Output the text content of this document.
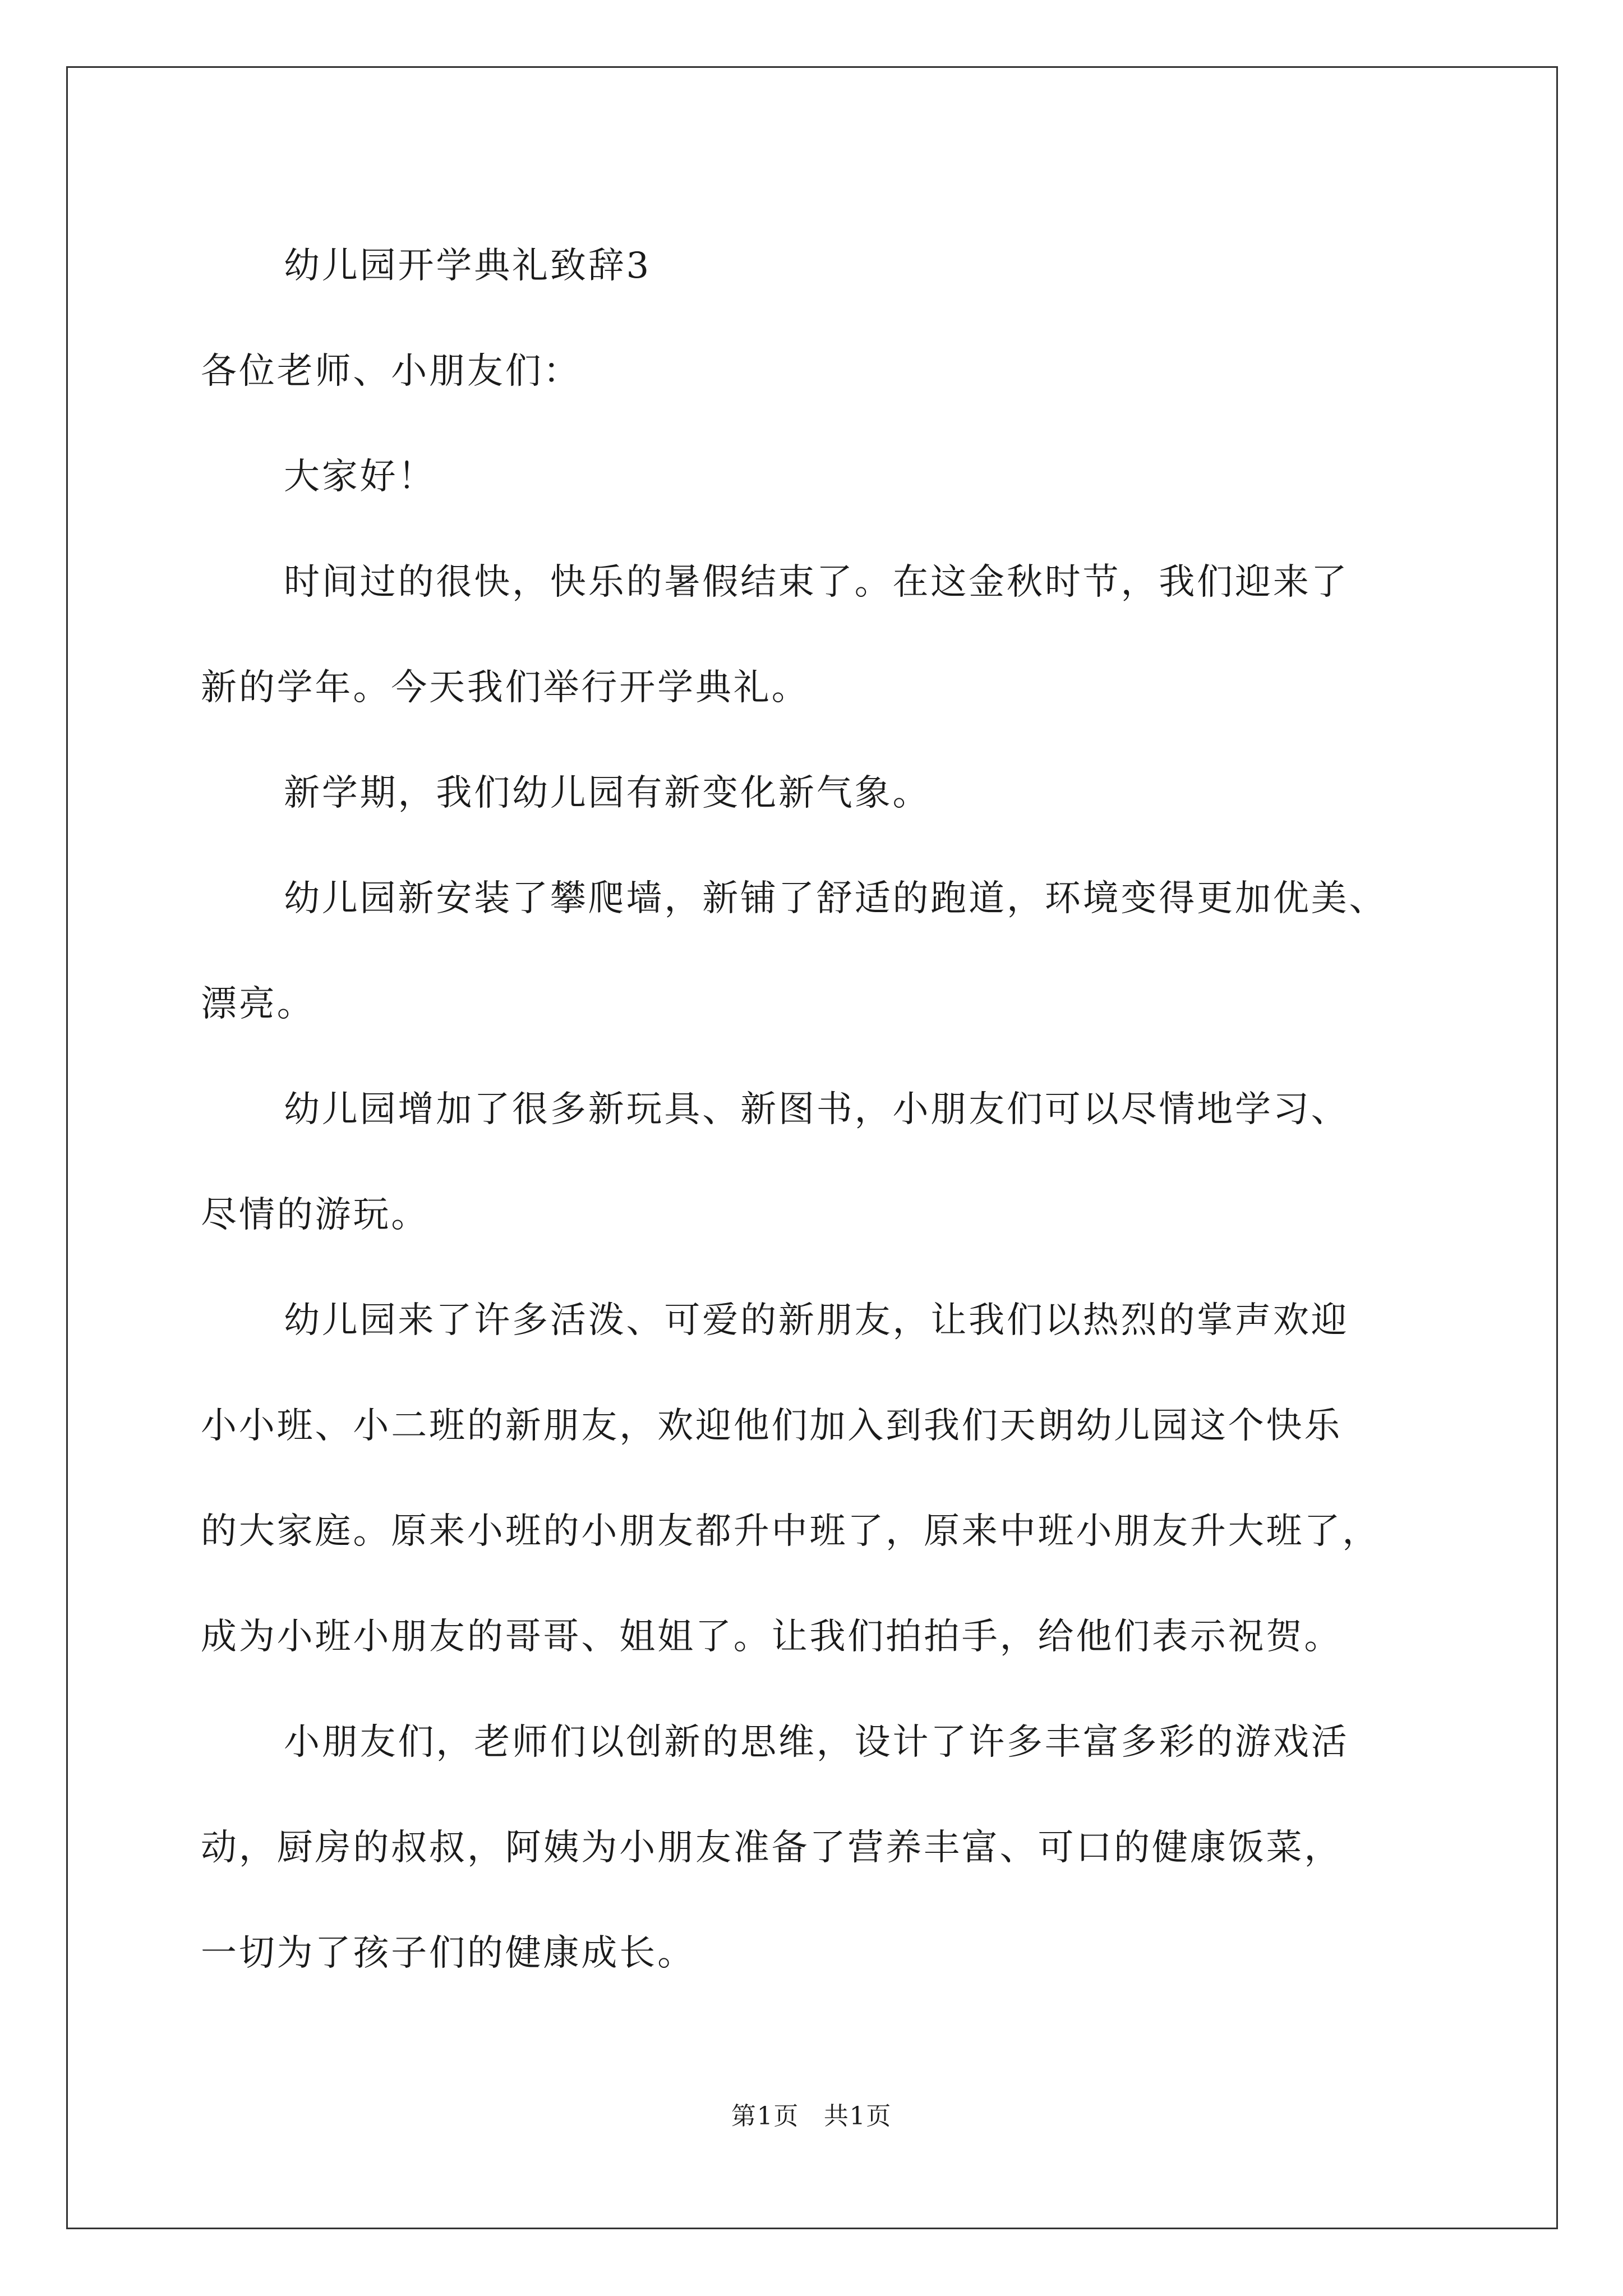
幼儿园开学典礼致辞3
各位老师、小朋友们：
大家好！
时间过的很快，快乐的暑假结束了。在这金秋时节，我们迎来了
新的学年。今天我们举行开学典礼。
新学期，我们幼儿园有新变化新气象。
幼儿园新安装了攀爬墙，新铺了舒适的跑道，环境变得更加优美、
漂亮。
幼儿园增加了很多新玩具、新图书，小朋友们可以尽情地学习、
尽情的游玩。
幼儿园来了许多活泼、可爱的新朋友，让我们以热烈的掌声欢迎
小小班、小二班的新朋友，欢迎他们加入到我们天朗幼儿园这个快乐
的大家庭。原来小班的小朋友都升中班了，原来中班小朋友升大班了，
成为小班小朋友的哥哥、姐姐了。让我们拍拍手，给他们表示祝贺。
小朋友们，老师们以创新的思维，设计了许多丰富多彩的游戏活
动，厨房的叔叔，阿姨为小朋友准备了营养丰富、可口的健康饭菜，
一切为了孩子们的健康成长。
第1页 共1页
